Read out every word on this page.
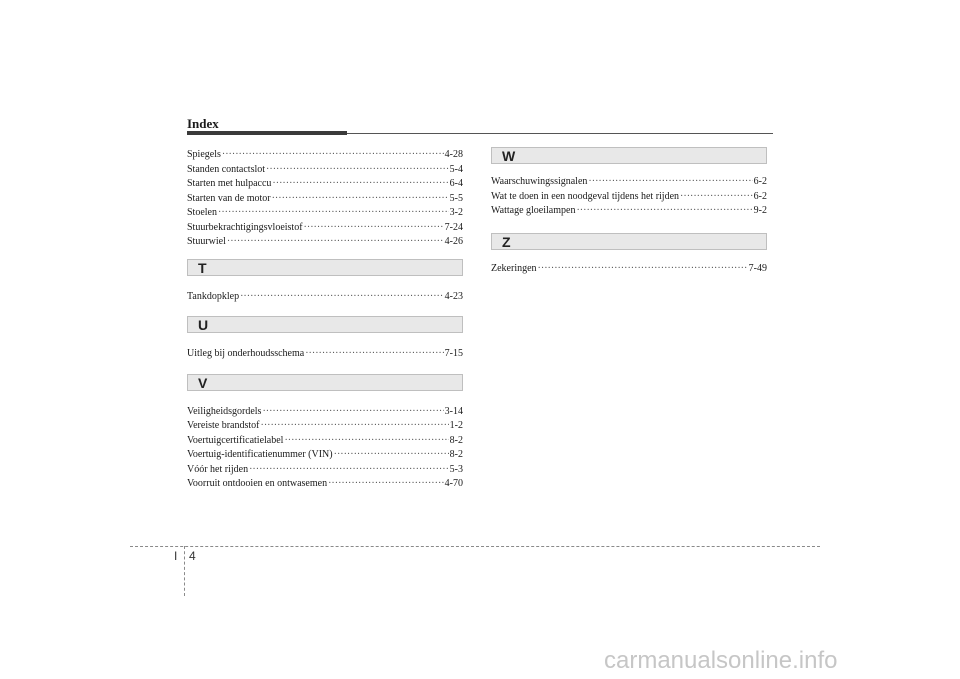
Index
Spiegels ·····	4-28
Standen contactslot ·····	5-4
Starten met hulpaccu ·····	6-4
Starten van de motor ·····	5-5
Stoelen ·····	3-2
Stuurbekrachtigingsvloeistof ·····	7-24
Stuurwiel ·····	4-26
T
Tankdopklep ·····	4-23
U
Uitleg bij onderhoudsschema ·····	7-15
V
Veiligheidsgordels ·····	3-14
Vereiste brandstof ·····	1-2
Voertuigcertificatielabel ·····	8-2
Voertuig-identificatienummer (VIN) ·····	8-2
Vóór het rijden ·····	5-3
Voorruit ontdooien en ontwasemen ·····	4-70
W
Waarschuwingssignalen ·····	6-2
Wat te doen in een noodgeval tijdens het rijden ·····	6-2
Wattage gloeilampen ·····	9-2
Z
Zekeringen ·····	7-49
I 4
carmanualsonline.info
